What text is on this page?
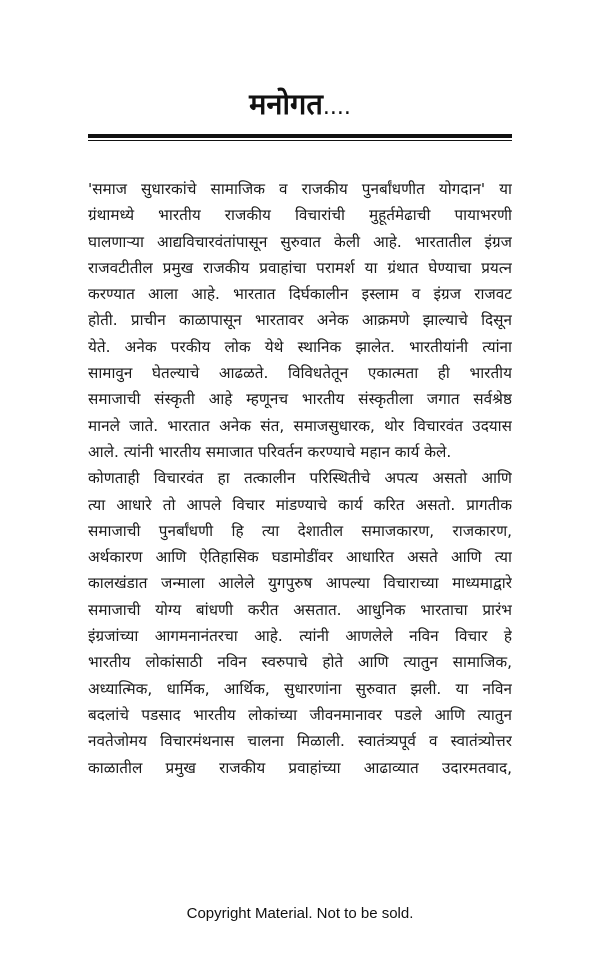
मनोगत....
'समाज सुधारकांचे सामाजिक व राजकीय पुनर्बांधणीत योगदान' या
ग्रंथामध्ये भारतीय राजकीय विचारांची मुहूर्तमेढाची पायाभरणी
घालणाऱ्या आद्यविचारवंतांपासून सुरुवात केली आहे. भारतातील इंग्रज
राजवटीतील प्रमुख राजकीय प्रवाहांचा परामर्श या ग्रंथात घेण्याचा प्रयत्न
करण्यात आला आहे. भारतात दिर्घकालीन इस्लाम व इंग्रज राजवट
होती. प्राचीन काळापासून भारतावर अनेक आक्रमणे झाल्याचे दिसून
येते. अनेक परकीय लोक येथे स्थानिक झालेत. भारतीयांनी त्यांना
सामावुन घेतल्याचे आढळते. विविधतेतून एकात्मता ही भारतीय
समाजाची संस्कृती आहे म्हणूनच भारतीय संस्कृतीला जगात सर्वश्रेष्ठ
मानले जाते. भारतात अनेक संत, समाजसुधारक, थोर विचारवंत उदयास
आले. त्यांनी भारतीय समाजात परिवर्तन करण्याचे महान कार्य केले.
कोणताही विचारवंत हा तत्कालीन परिस्थितीचे अपत्य असतो आणि
त्या आधारे तो आपले विचार मांडण्याचे कार्य करित असतो. प्रागतीक
समाजाची पुनर्बांधणी हि त्या देशातील समाजकारण, राजकारण,
अर्थकारण आणि ऐतिहासिक घडामोडींवर आधारित असते आणि त्या
कालखंडात जन्माला आलेले युगपुरुष आपल्या विचाराच्या माध्यमाद्वारे
समाजाची योग्य बांधणी करीत असतात. आधुनिक भारताचा प्रारंभ
इंग्रजांच्या आगमनानंतरचा आहे. त्यांनी आणलेले नविन विचार हे
भारतीय लोकांसाठी नविन स्वरुपाचे होते आणि त्यातुन सामाजिक,
अध्यात्मिक, धार्मिक, आर्थिक, सुधारणांना सुरुवात झली. या नविन
बदलांचे पडसाद भारतीय लोकांच्या जीवनमानावर पडले आणि त्यातुन
नवतेजोमय विचारमंथनास चालना मिळाली. स्वातंत्र्यपूर्व व स्वातंत्र्योत्तर
काळातील प्रमुख राजकीय प्रवाहांच्या आढाव्यात उदारमतवाद,
Copyright Material. Not to be sold.
